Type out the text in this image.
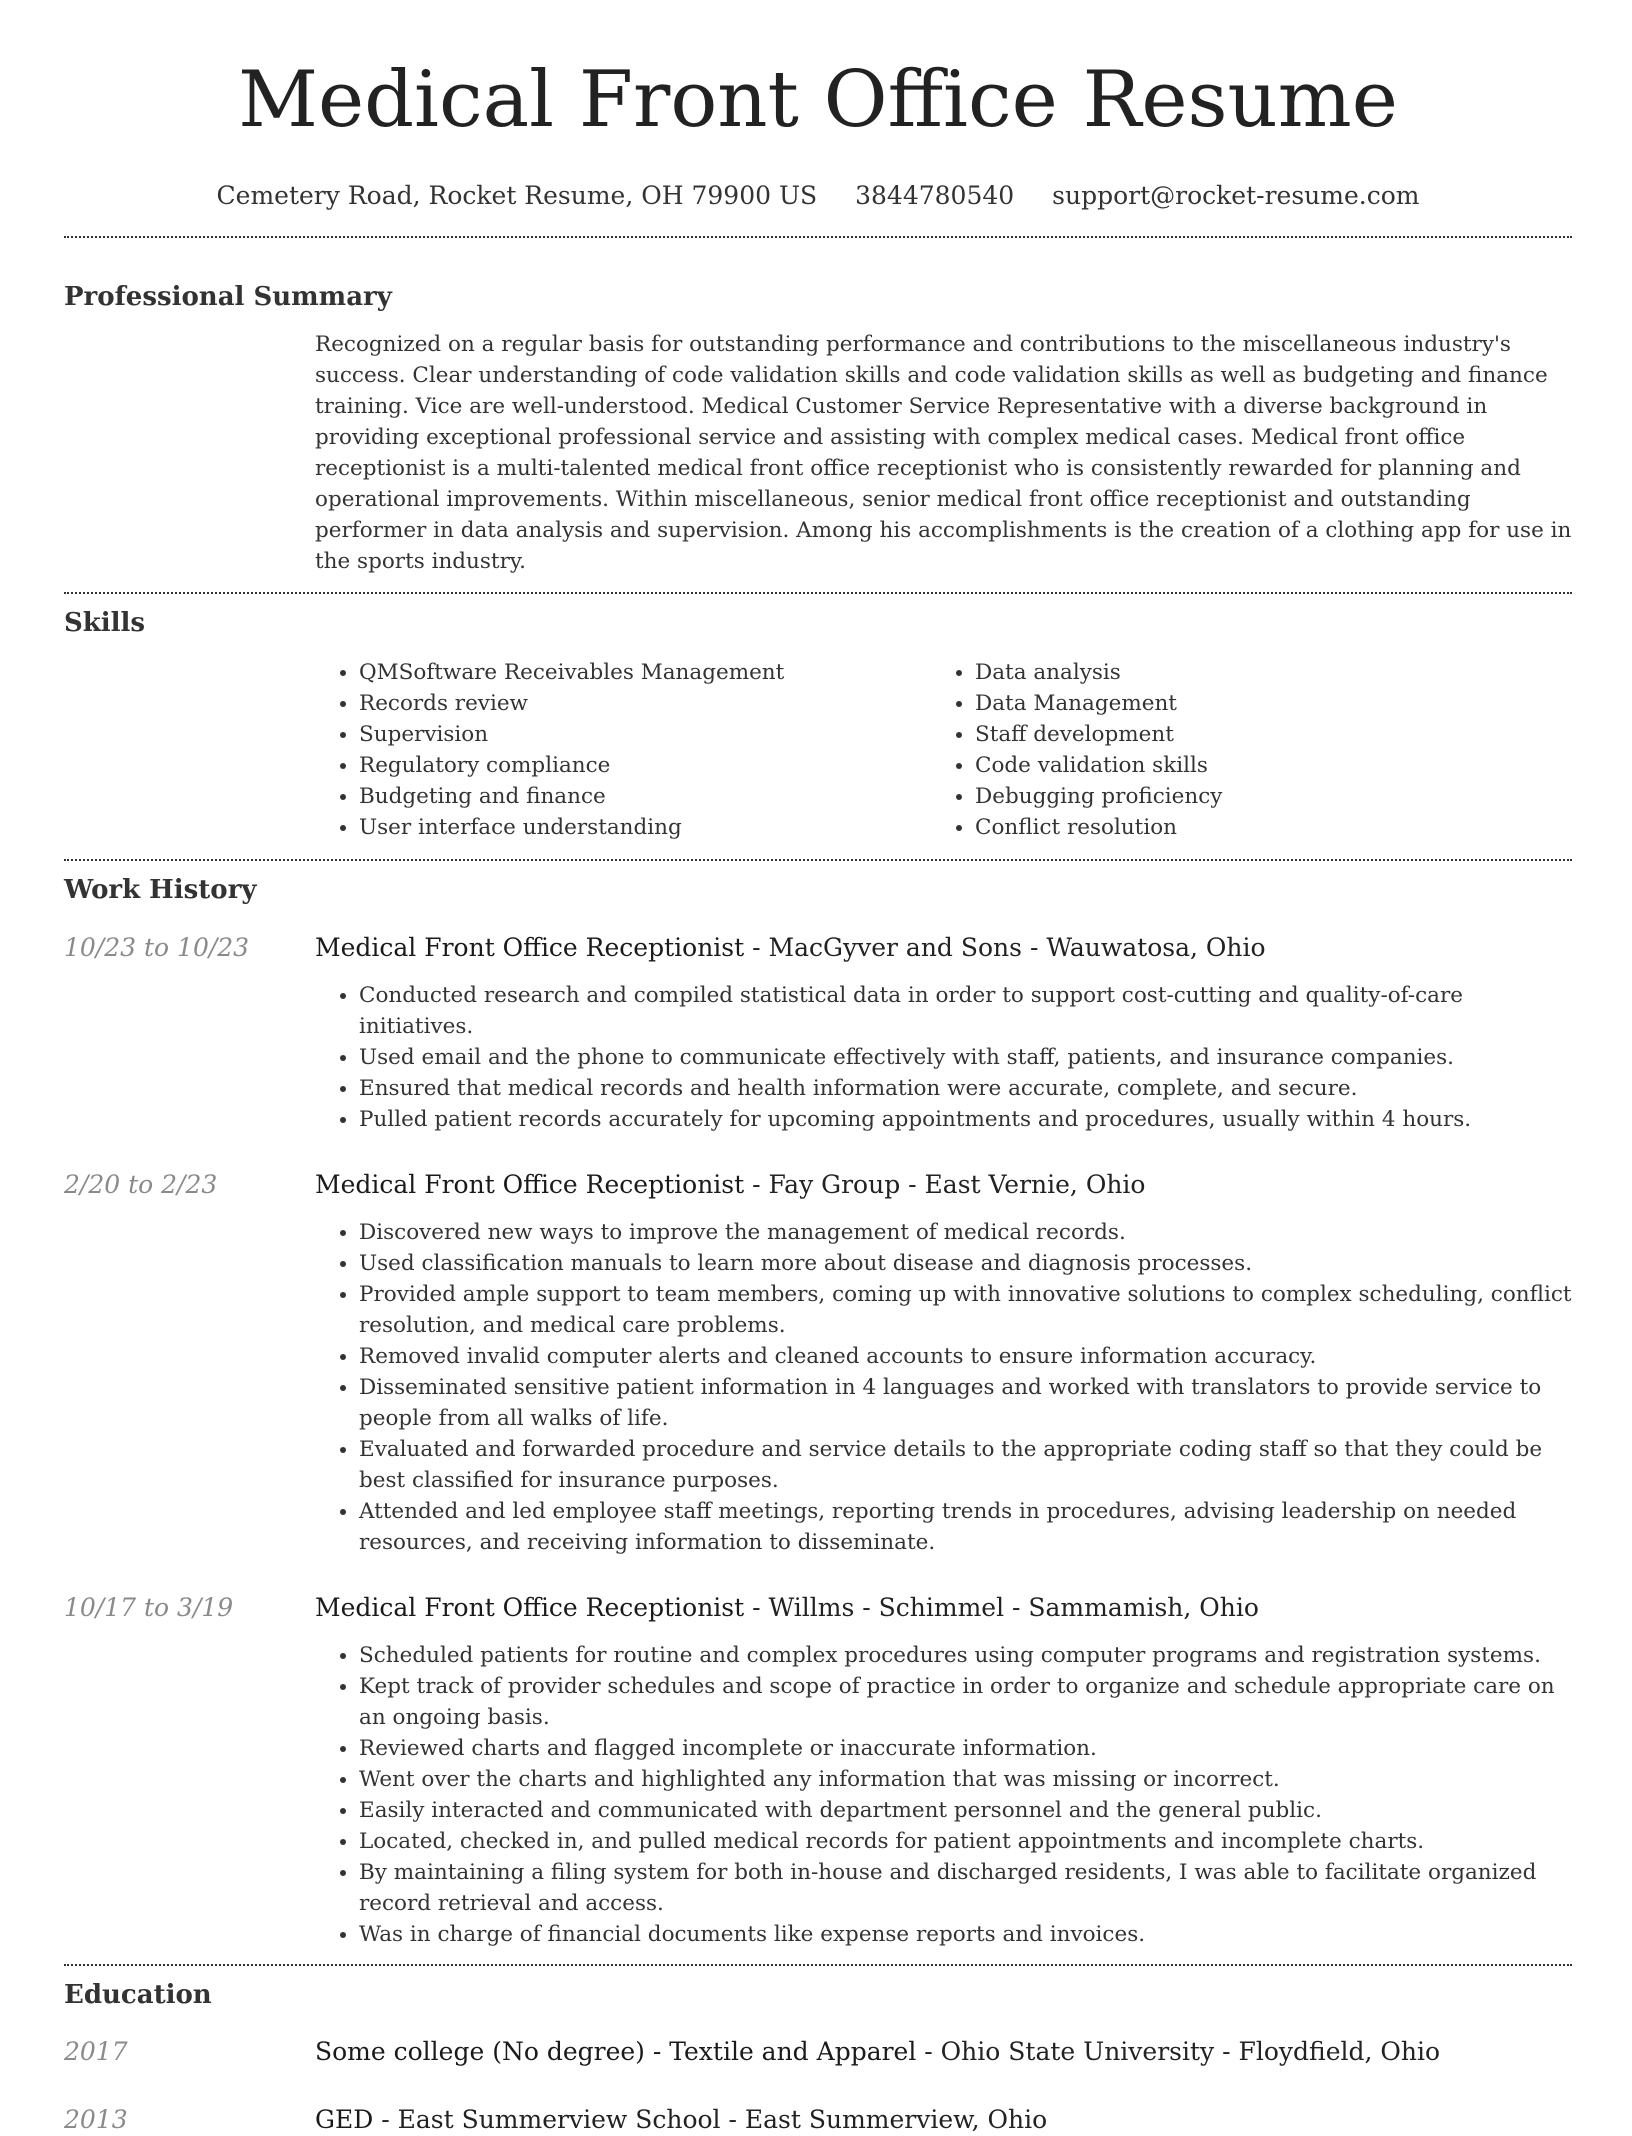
Medical Front Office Resume
Cemetery Road, Rocket Resume, OH 79900 US 3844780540 support@rocket-resume.com
Professional Summary

Recognized on a regular basis for outstanding performance and contributions to the miscellaneous industry's success. Clear understanding of code validation skills and code validation skills as well as budgeting and finance training. Vice are well-understood. Medical Customer Service Representative with a diverse background in providing exceptional professional service and assisting with complex medical cases. Medical front office receptionist is a multi-talented medical front office receptionist who is consistently rewarded for planning and operational improvements. Within miscellaneous, senior medical front office receptionist and outstanding performer in data analysis and supervision. Among his accomplishments is the creation of a clothing app for use in the sports industry.

Skills
• QMSoftware Receivables Management
• Records review
• Supervision
• Regulatory compliance
• Budgeting and finance
• User interface understanding
• Data analysis
• Data Management
• Staff development
• Code validation skills
• Debugging proficiency
• Conflict resolution
Work History
10/23 to 10/23	Medical Front Office Receptionist - MacGyver and Sons - Wauwatosa, Ohio
• Conducted research and compiled statistical data in order to support cost-cutting and quality-of-care initiatives.
• Used email and the phone to communicate effectively with staff, patients, and insurance companies.
• Ensured that medical records and health information were accurate, complete, and secure.
• Pulled patient records accurately for upcoming appointments and procedures, usually within 4 hours.
2/20 to 2/23	Medical Front Office Receptionist - Fay Group - East Vernie, Ohio
• Discovered new ways to improve the management of medical records.
• Used classification manuals to learn more about disease and diagnosis processes.
• Provided ample support to team members, coming up with innovative solutions to complex scheduling, conflict resolution, and medical care problems.
• Removed invalid computer alerts and cleaned accounts to ensure information accuracy.
• Disseminated sensitive patient information in 4 languages and worked with translators to provide service to people from all walks of life.
• Evaluated and forwarded procedure and service details to the appropriate coding staff so that they could be best classified for insurance purposes.
• Attended and led employee staff meetings, reporting trends in procedures, advising leadership on needed resources, and receiving information to disseminate.
10/17 to 3/19	Medical Front Office Receptionist - Willms - Schimmel - Sammamish, Ohio
• Scheduled patients for routine and complex procedures using computer programs and registration systems.
• Kept track of provider schedules and scope of practice in order to organize and schedule appropriate care on an ongoing basis.
• Reviewed charts and flagged incomplete or inaccurate information.
• Went over the charts and highlighted any information that was missing or incorrect.
• Easily interacted and communicated with department personnel and the general public.
• Located, checked in, and pulled medical records for patient appointments and incomplete charts.
• By maintaining a filing system for both in-house and discharged residents, I was able to facilitate organized record retrieval and access.
• Was in charge of financial documents like expense reports and invoices.
Education
2017	Some college (No degree) - Textile and Apparel - Ohio State University - Floydfield, Ohio
2013	GED - East Summerview School - East Summerview, Ohio
